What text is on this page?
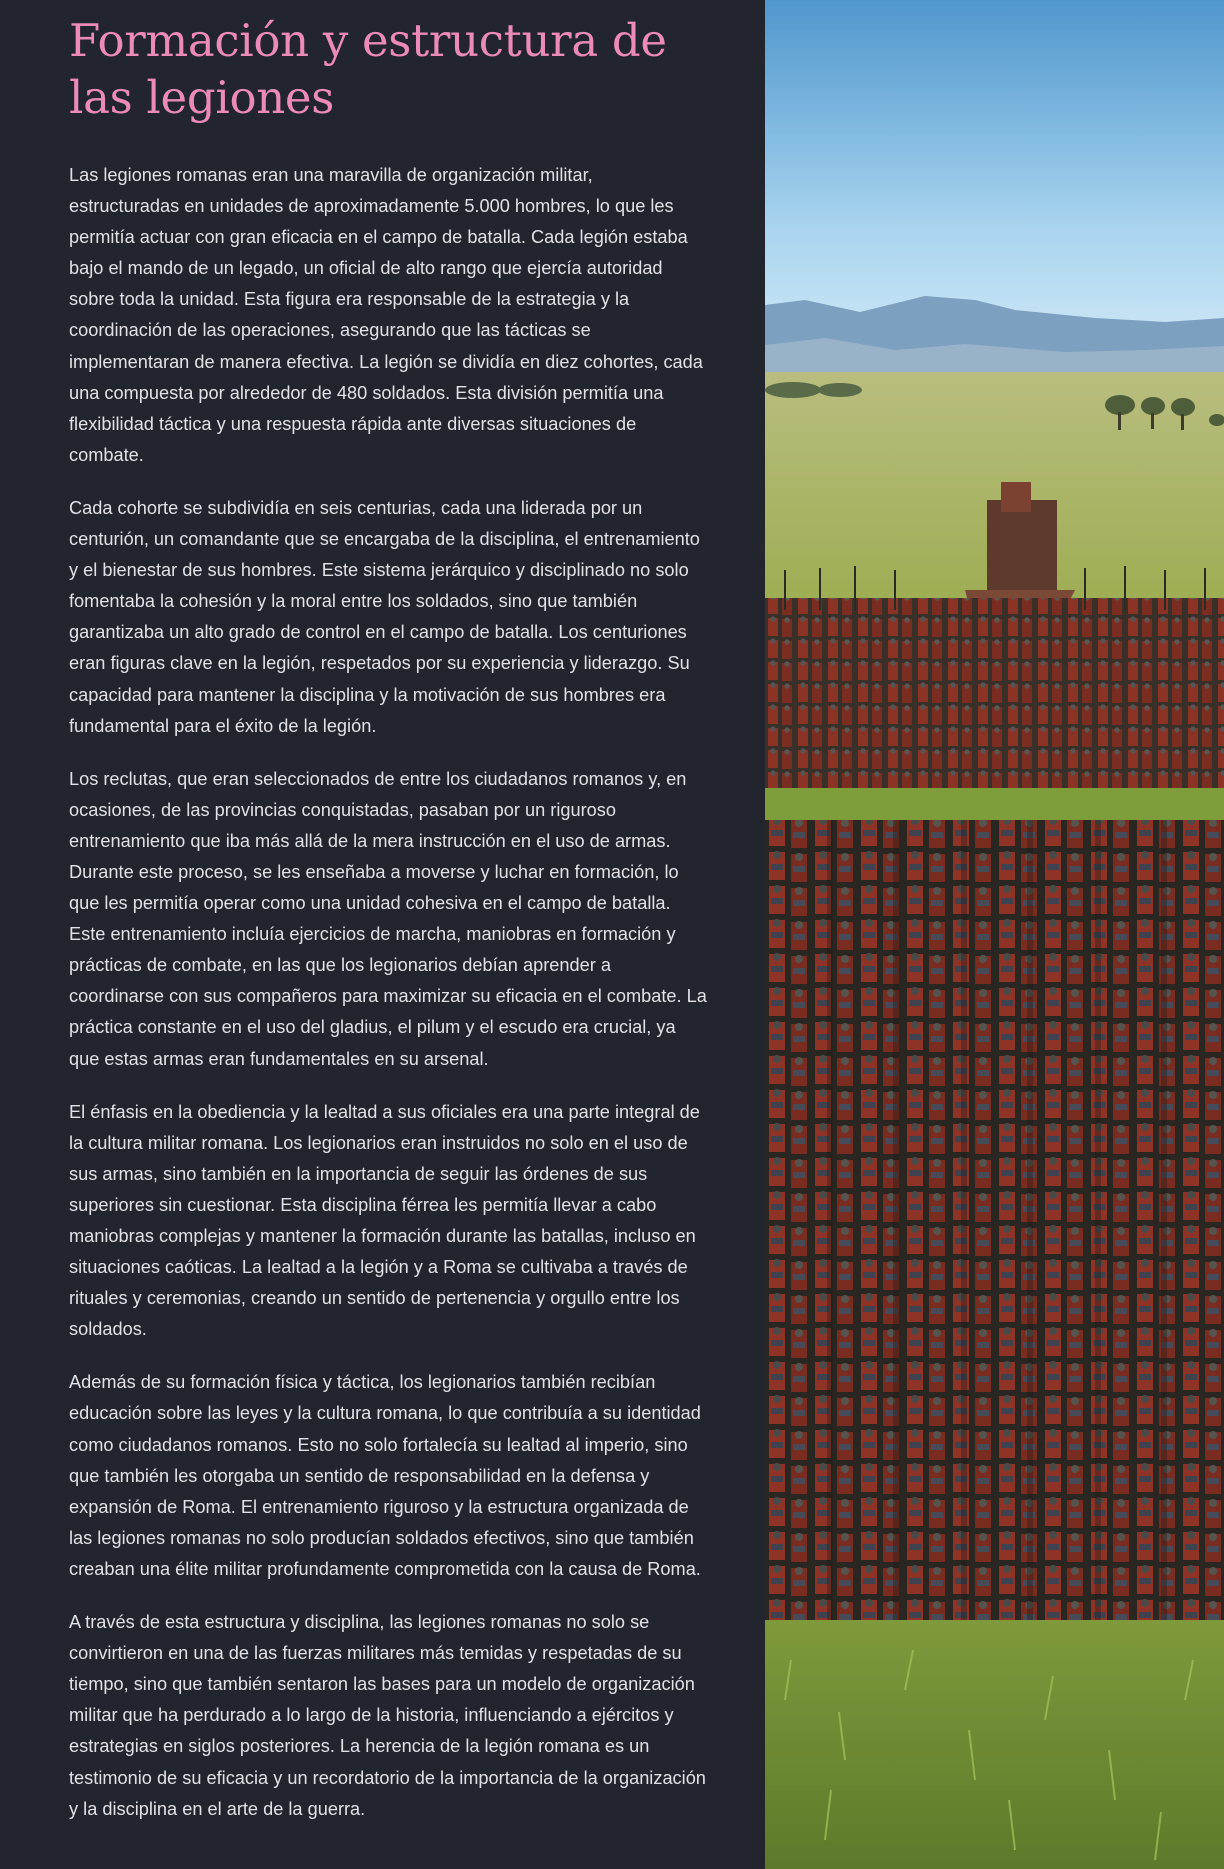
Formación y estructura de las legiones

Las legiones romanas eran una maravilla de organización militar, estructuradas en unidades de aproximadamente 5.000 hombres, lo que les permitía actuar con gran eficacia en el campo de batalla. Cada legión estaba bajo el mando de un legado, un oficial de alto rango que ejercía autoridad sobre toda la unidad. Esta figura era responsable de la estrategia y la coordinación de las operaciones, asegurando que las tácticas se implementaran de manera efectiva. La legión se dividía en diez cohortes, cada una compuesta por alrededor de 480 soldados. Esta división permitía una flexibilidad táctica y una respuesta rápida ante diversas situaciones de combate.

Cada cohorte se subdividía en seis centurias, cada una liderada por un centurión, un comandante que se encargaba de la disciplina, el entrenamiento y el bienestar de sus hombres. Este sistema jerárquico y disciplinado no solo fomentaba la cohesión y la moral entre los soldados, sino que también garantizaba un alto grado de control en el campo de batalla. Los centuriones eran figuras clave en la legión, respetados por su experiencia y liderazgo. Su capacidad para mantener la disciplina y la motivación de sus hombres era fundamental para el éxito de la legión.

Los reclutas, que eran seleccionados de entre los ciudadanos romanos y, en ocasiones, de las provincias conquistadas, pasaban por un riguroso entrenamiento que iba más allá de la mera instrucción en el uso de armas. Durante este proceso, se les enseñaba a moverse y luchar en formación, lo que les permitía operar como una unidad cohesiva en el campo de batalla. Este entrenamiento incluía ejercicios de marcha, maniobras en formación y prácticas de combate, en las que los legionarios debían aprender a coordinarse con sus compañeros para maximizar su eficacia en el combate. La práctica constante en el uso del gladius, el pilum y el escudo era crucial, ya que estas armas eran fundamentales en su arsenal.

El énfasis en la obediencia y la lealtad a sus oficiales era una parte integral de la cultura militar romana. Los legionarios eran instruidos no solo en el uso de sus armas, sino también en la importancia de seguir las órdenes de sus superiores sin cuestionar. Esta disciplina férrea les permitía llevar a cabo maniobras complejas y mantener la formación durante las batallas, incluso en situaciones caóticas. La lealtad a la legión y a Roma se cultivaba a través de rituales y ceremonias, creando un sentido de pertenencia y orgullo entre los soldados.

Además de su formación física y táctica, los legionarios también recibían educación sobre las leyes y la cultura romana, lo que contribuía a su identidad como ciudadanos romanos. Esto no solo fortalecía su lealtad al imperio, sino que también les otorgaba un sentido de responsabilidad en la defensa y expansión de Roma. El entrenamiento riguroso y la estructura organizada de las legiones romanas no solo producían soldados efectivos, sino que también creaban una élite militar profundamente comprometida con la causa de Roma.

A través de esta estructura y disciplina, las legiones romanas no solo se convirtieron en una de las fuerzas militares más temidas y respetadas de su tiempo, sino que también sentaron las bases para un modelo de organización militar que ha perdurado a lo largo de la historia, influenciando a ejércitos y estrategias en siglos posteriores. La herencia de la legión romana es un testimonio de su eficacia y un recordatorio de la importancia de la organización y la disciplina en el arte de la guerra.
